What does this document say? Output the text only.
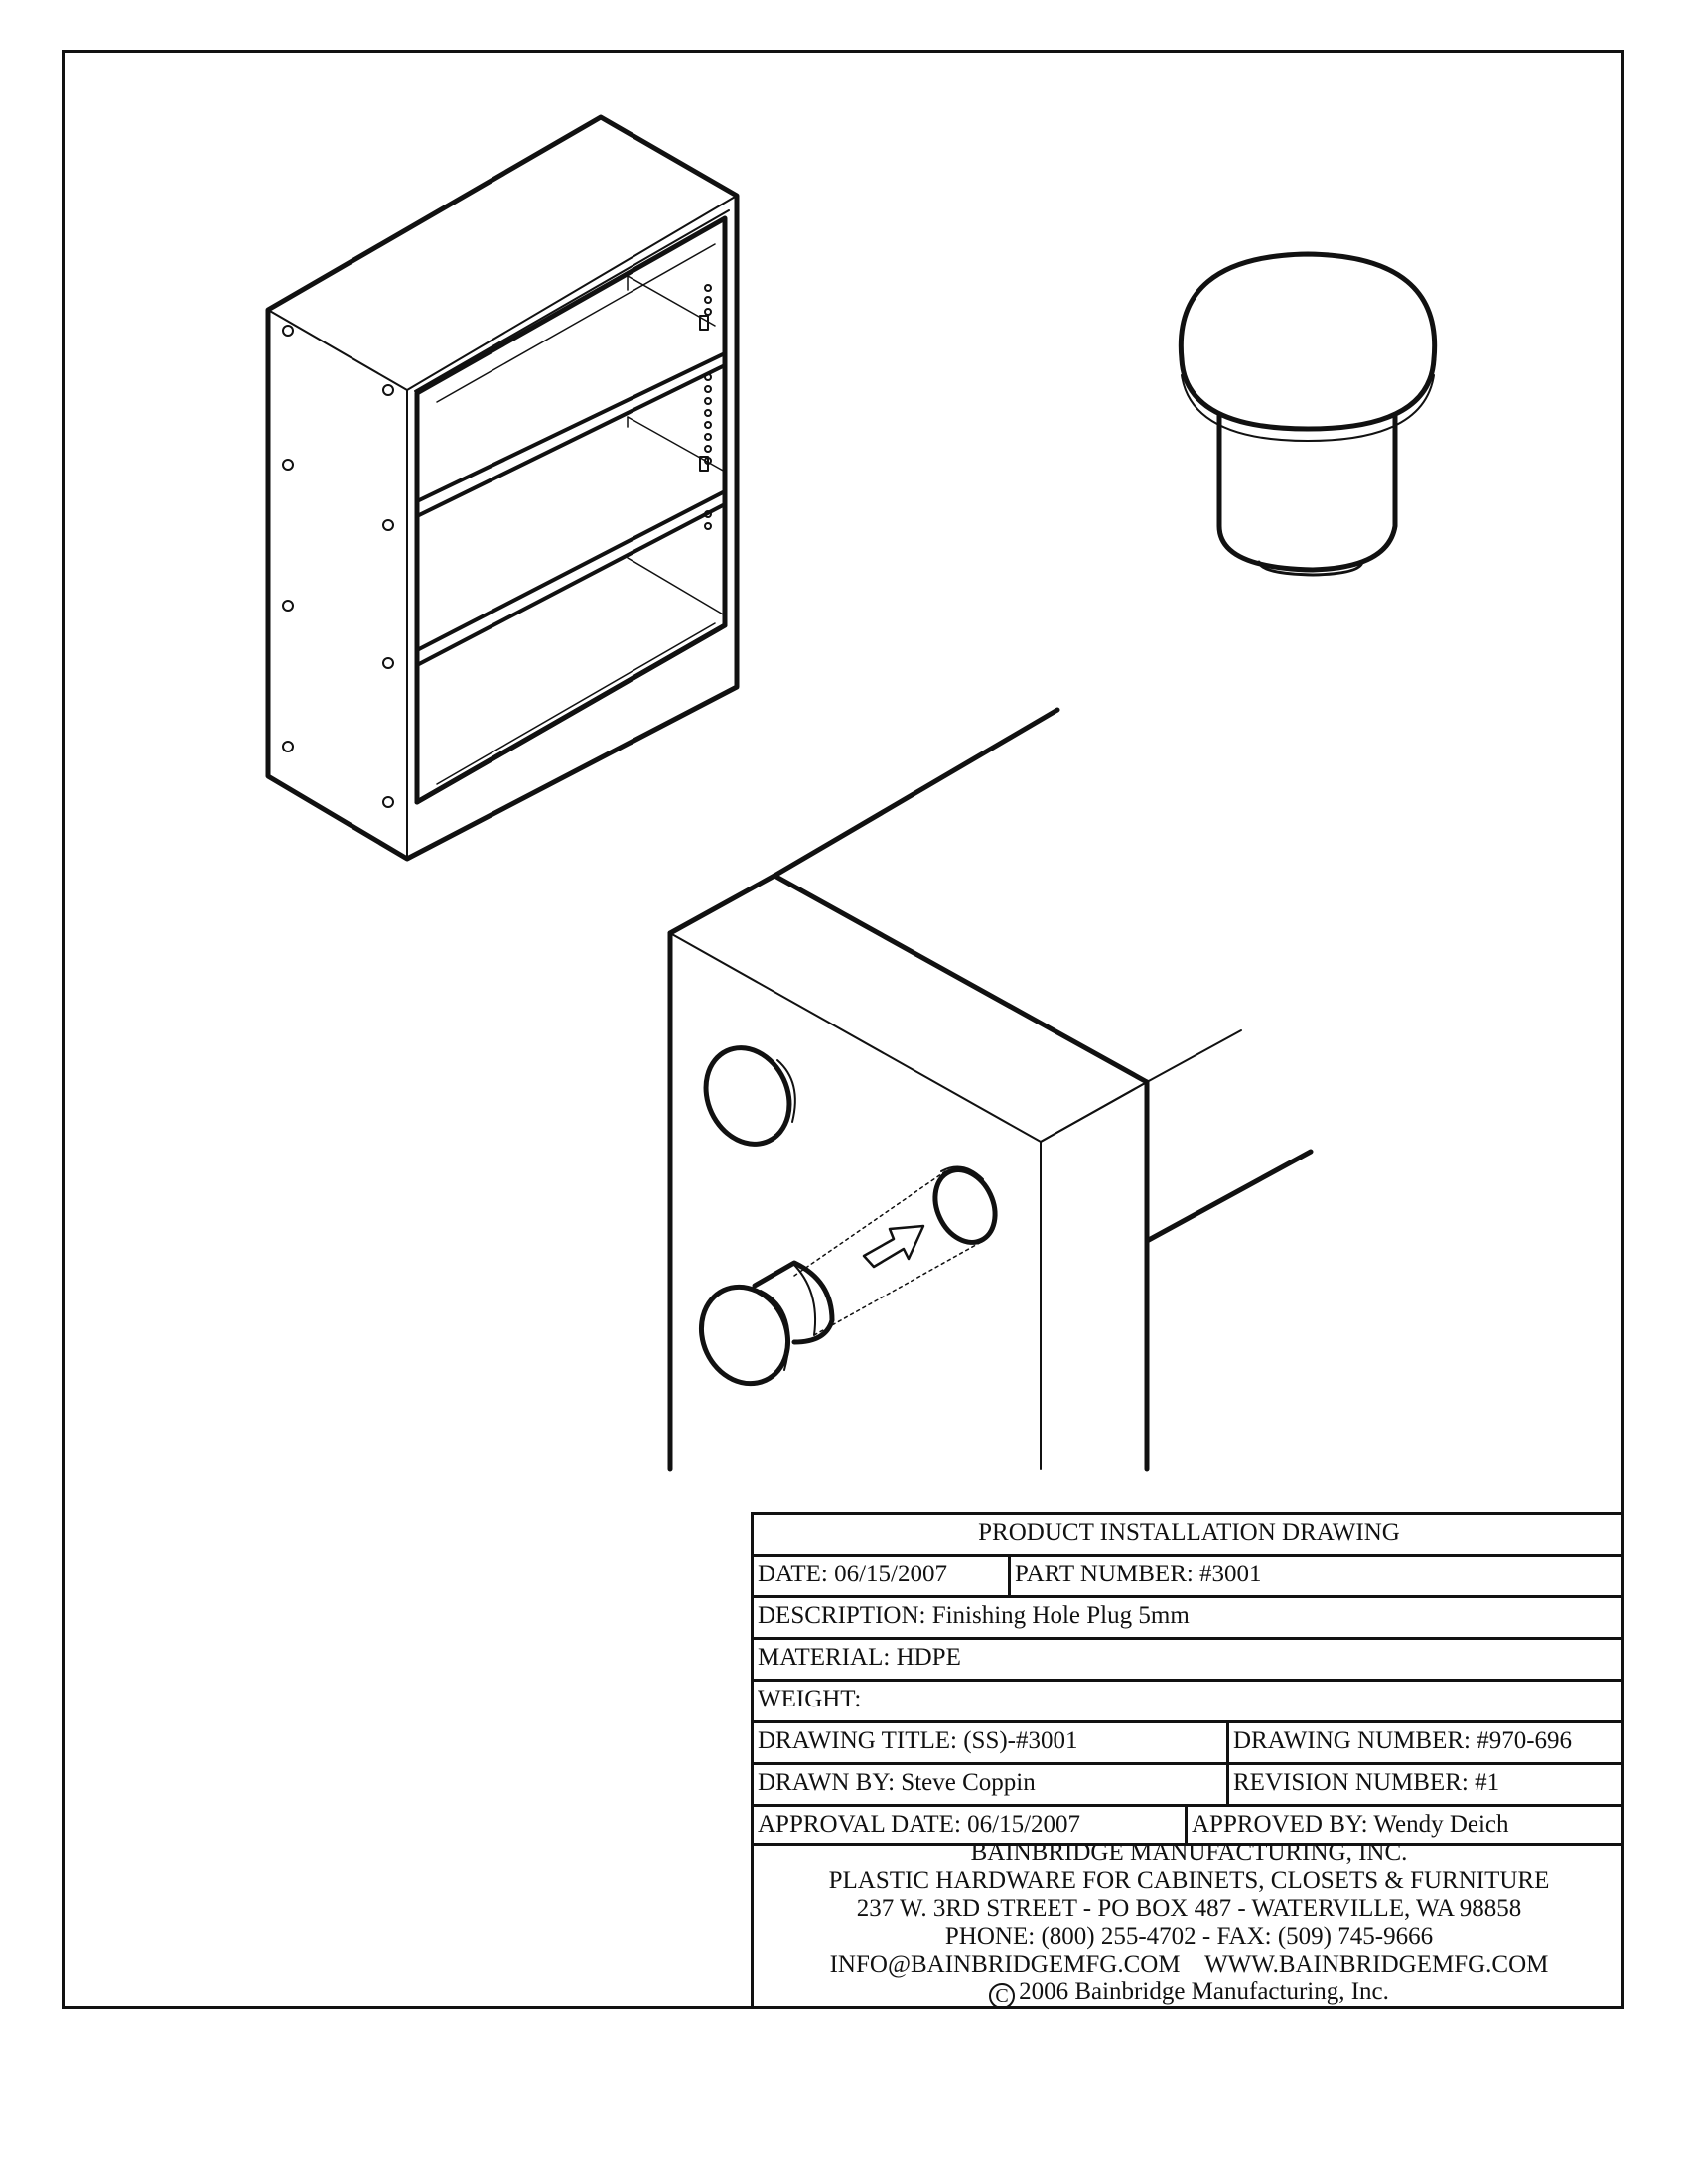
PRODUCT INSTALLATION DRAWING
DATE: 06/15/2007	PART NUMBER: #3001
DESCRIPTION: Finishing Hole Plug 5mm
MATERIAL: HDPE
WEIGHT:
DRAWING TITLE: (SS)-#3001	DRAWING NUMBER: #970-696
DRAWN BY: Steve Coppin	REVISION NUMBER: #1
APPROVAL DATE: 06/15/2007	APPROVED BY: Wendy Deich
BAINBRIDGE MANUFACTURING, INC.
PLASTIC HARDWARE FOR CABINETS, CLOSETS & FURNITURE
237 W. 3RD STREET - PO BOX 487 - WATERVILLE, WA 98858
PHONE: (800) 255-4702 - FAX: (509) 745-9666
INFO@BAINBRIDGEMFG.COM    WWW.BAINBRIDGEMFG.COM
C 2006 Bainbridge Manufacturing, Inc.
